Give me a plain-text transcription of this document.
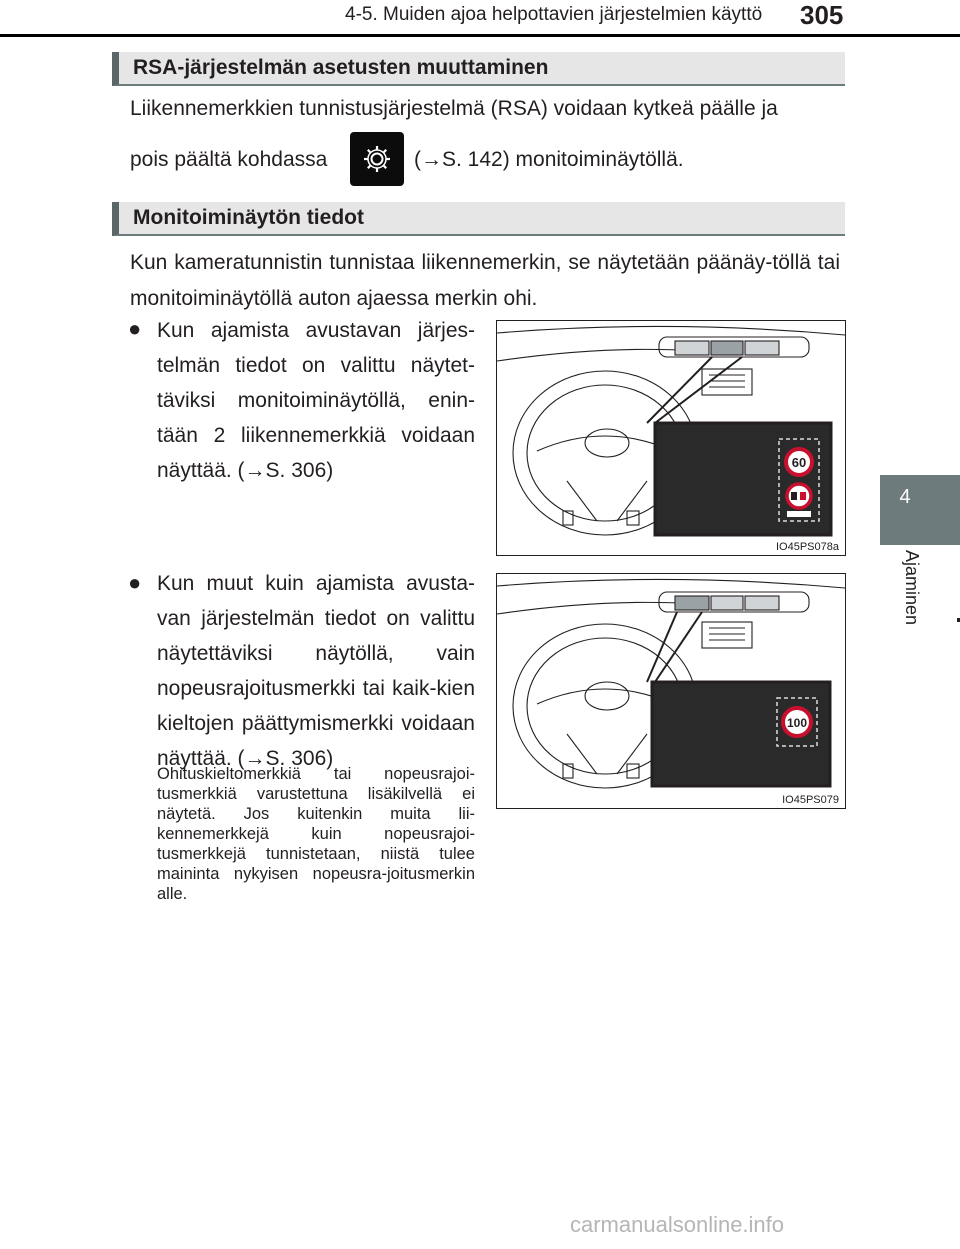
4-5. Muiden ajoa helpottavien järjestelmien käyttö 305
4
Ajaminen
RSA-järjestelmän asetusten muuttaminen
Liikennemerkkien tunnistusjärjestelmä (RSA) voidaan kytkeä päälle ja
pois päältä kohdassa	(→S. 142) monitoiminäytöllä.
Monitoiminäytön tiedot
Kun kameratunnistin tunnistaa liikennemerkin, se näytetään päänäy-töllä tai monitoiminäytöllä auton ajaessa merkin ohi.
● Kun ajamista avustavan järjes-telmän tiedot on valittu näytet-täviksi monitoiminäytöllä, enin-tään 2 liikennemerkkiä voidaan näyttää. (→S. 306)
● Kun muut kuin ajamista avusta-van järjestelmän tiedot on valittu näytettäviksi näytöllä, vain nopeusrajoitusmerkki tai kaik-kien kieltojen päättymismerkki voidaan näyttää. (→S. 306)
Ohituskieltomerkkiä tai nopeusrajoi-tusmerkkiä varustettuna lisäkilvellä ei näytetä. Jos kuitenkin muita lii-kennemerkkejä kuin nopeusrajoi-tusmerkkejä tunnistetaan, niistä tulee maininta nykyisen nopeusra-joitusmerkin alle.
60
IO45PS078a
100
IO45PS079
carmanualsonline.info
